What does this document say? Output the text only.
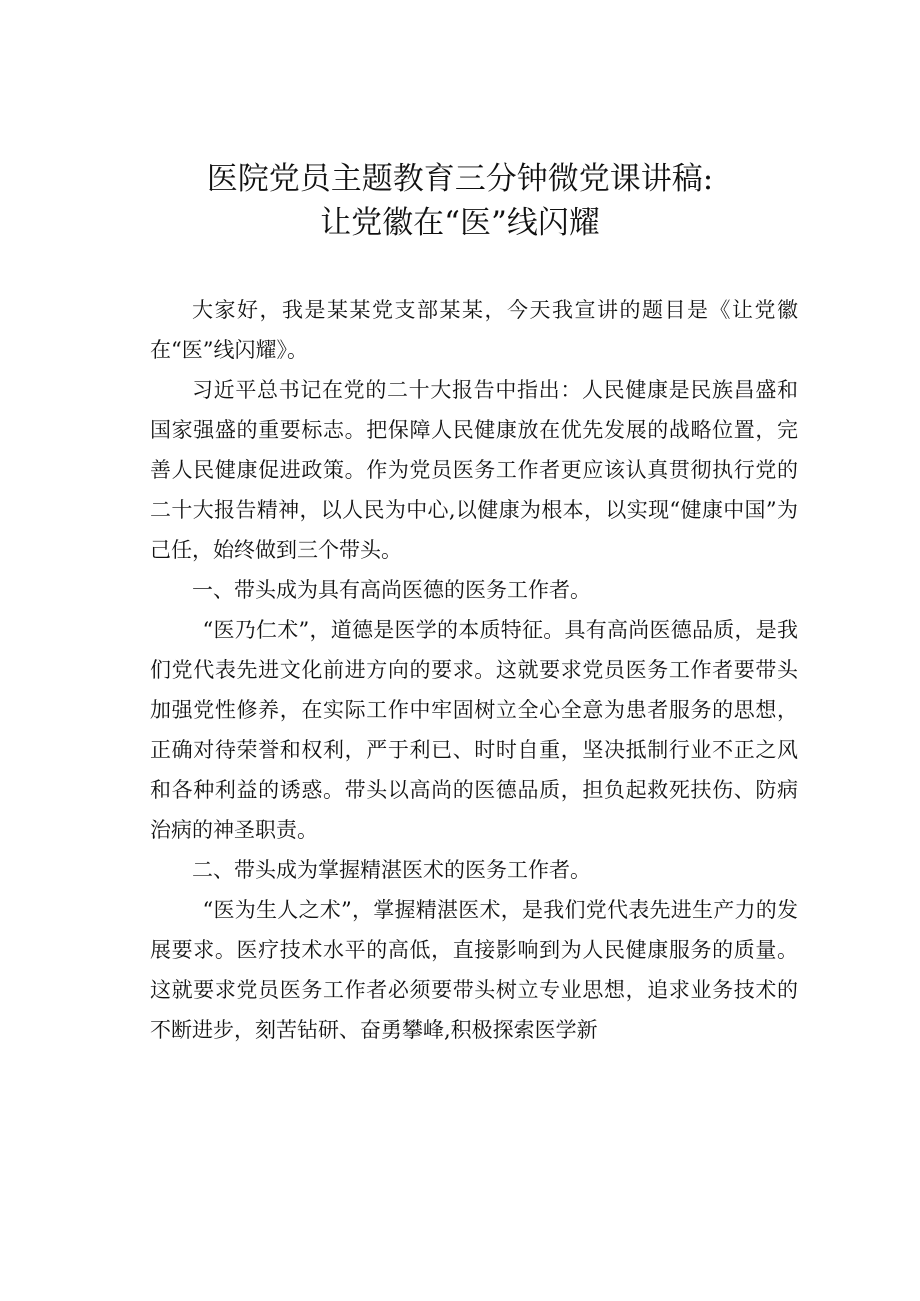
医院党员主题教育三分钟微党课讲稿:
让党徽在“医”线闪耀

大家好，我是某某党支部某某，今天我宣讲的题目是《让党徽在“医”线闪耀》。

习近平总书记在党的二十大报告中指出：人民健康是民族昌盛和国家强盛的重要标志。把保障人民健康放在优先发展的战略位置，完善人民健康促进政策。作为党员医务工作者更应该认真贯彻执行党的二十大报告精神，以人民为中心,以健康为根本，以实现“健康中国”为己任，始终做到三个带头。

一、带头成为具有高尚医德的医务工作者。

“医乃仁术”，道德是医学的本质特征。具有高尚医德品质，是我们党代表先进文化前进方向的要求。这就要求党员医务工作者要带头加强党性修养，在实际工作中牢固树立全心全意为患者服务的思想，正确对待荣誉和权利，严于利已、时时自重，坚决抵制行业不正之风和各种利益的诱惑。带头以高尚的医德品质，担负起救死扶伤、防病治病的神圣职责。

二、带头成为掌握精湛医术的医务工作者。

“医为生人之术”，掌握精湛医术，是我们党代表先进生产力的发展要求。医疗技术水平的高低，直接影响到为人民健康服务的质量。这就要求党员医务工作者必须要带头树立专业思想，追求业务技术的不断进步，刻苦钻研、奋勇攀峰,积极探索医学新
